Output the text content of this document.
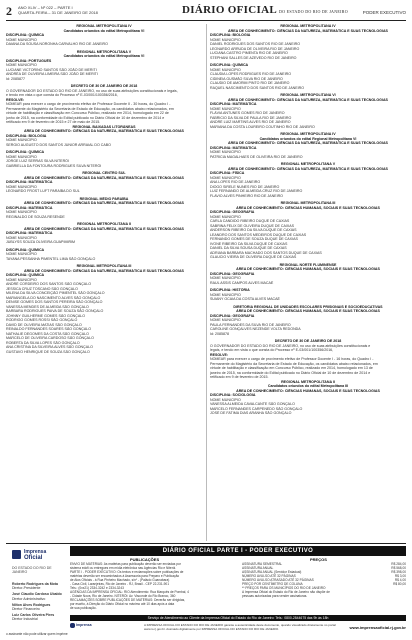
2 ANO XLIV – Nº 022 – PARTE I
QUARTA-FEIRA – 31 DE JANEIRO DE 2018	DIÁRIO OFICIAL DO ESTADO DO RIO DE JANEIRO	PODER EXECUTIVO
REGIONAL METROPOLITANA IV
Candidatos oriundos do edital Metropolitana VI
DISCIPLINA: QUÍMICA
NOME MUNICÍPIO
DAIANA DA SOUSA NORONHA CARVALHO RIO DE JANEIRO
REGIONAL METROPOLITANA V
Candidatos oriundos do edital Metropolitana VI
DISCIPLINA: PORTUGUÊS
NOME MUNICÍPIO
LUCIANE VICTORINO SANTOS SÃO JOÃO DE MERITI
ANDRÉA DE OLIVEIRA LIMEIRA SÃO JOÃO DE MERITI
Id: 2085877
DECRETO DE 30 DE JANEIRO DE 2018
O GOVERNADOR DO ESTADO DO RIO DE JANEIRO, no uso de suas atribuições constitucionais e legais,
e tendo em vista o que consta do Processo nº E-03/001/100356/2016,
RESOLVE:
NOMEAR para exercer o cargo de provimento efetivo de Professor Docente II - 30 horas, do Quadro I -
Permanente do Magistério da Secretaria de Estado de Educação, os candidatos abaixo relacionados, em
virtude de habilitação e classificação em Concurso Público, realizado em 2014, homologado em 22 de
junho de 2015, na conformidade do Edital publicado no Diário Oficial de 10 de dezembro de 2014 e
retificado em 9 de fevereiro de 2015 e 27 de maio de 2015.
REGIONAL BAIXADAS LITORÂNEAS
ÁREA DE CONHECIMENTO: CIÊNCIAS DA NATUREZA, MATEMÁTICA E SUAS TECNOLOGIAS
DISCIPLINA: BIOLOGIA
NOME MUNICÍPIO
SERGIO AUGUSTO DOS SANTOS JUNIOR ARRAIAL DO CABO
DISCIPLINA: QUÍMICA
NOME MUNICÍPIO
JORGE LUIZ SERRAS SILVA NITERÓI
GABRIELLA DA FONTOURA RODRIGUES SILVA NITERÓI
REGIONAL CENTRO SUL
ÁREA DE CONHECIMENTO: CIÊNCIAS DA NATUREZA, MATEMÁTICA E SUAS TECNOLOGIAS
DISCIPLINA: MATEMÁTICA
NOME MUNICÍPIO
LEONARDO FROST LUFT PARAÍBA DO SUL
REGIONAL MÉDIO PARAÍBA
ÁREA DE CONHECIMENTO: CIÊNCIAS DA NATUREZA, MATEMÁTICA E SUAS TECNOLOGIAS
DISCIPLINA: MATEMÁTICA
NOME MUNICÍPIO
REGINALDO DE SOUZA RESENDE
REGIONAL METROPOLITANA II
ÁREA DE CONHECIMENTO: CIÊNCIAS DA NATUREZA, MATEMÁTICA E SUAS TECNOLOGIAS
DISCIPLINA: MATEMÁTICA
NOME MUNICÍPIO
JUBLYSS SOUZA OLIVEIRA GUAPIMIRIM
DISCIPLINA: QUÍMICA
NOME MUNICÍPIO
TAYANA PESSANHA PIMENTEL LIMA SÃO GONÇALO
REGIONAL METROPOLITANA III
ÁREA DE CONHECIMENTO: CIÊNCIAS DA NATUREZA, MATEMÁTICA E SUAS TECNOLOGIAS
DISCIPLINA: QUÍMICA
NOME MUNICÍPIO
ANDRÉ CORDEIRO DOS SANTOS SÃO GONÇALO
JESSICA CRUZ TOSCANO SÃO GONÇALO
MILENA DA SILVA CONCEIÇÃO PIMENTEL SÃO GONÇALO
MARIANGELA DO NASCIMENTO ALVES SÃO GONÇALO
DENISE GOMES DOS SANTOS PEREIRA SÃO GONÇALO
VANESSA MENDES DE ALMEIDA SÃO GONÇALO
BARBARA RODRIGUES PAIVA DE SOUZA SÃO GONÇALO
JOHNNY GUILHERME GOMES SÃO GONÇALO
RODRIGO GOMES ROSSI SÃO GONÇALO
DAVID DE OLIVEIRA MATIAS SÃO GONÇALO
REINALDO FERNANDES SOARES SÃO GONÇALO
NATHALIE DEGOMES DA COSTA SÃO GONÇALO
MARCELO DE OLIVEIRA CARDOSO SÃO GONÇALO
ROBERTA DA SILVA LOPES SÃO GONÇALO
ANA CRISTINA DA SILVEIRA ALVES SÃO GONÇALO
GUSTAVO HENRIQUE DE SOUZA SÃO GONÇALO
REGIONAL METROPOLITANA IV
ÁREA DE CONHECIMENTO: CIÊNCIAS DA NATUREZA, MATEMÁTICA E SUAS TECNOLOGIAS
DISCIPLINA: BIOLOGIA
NOME MUNICÍPIO
DANIEL RODRIGUES DOS SANTOS RIO DE JANEIRO
LEONARDO ARRUDA DE OLIVEIRA RIO DE JANEIRO
LUCIANA CASTRO PIMENTA RIO DE JANEIRO
STEPHANI SALLES DE AZEVEDO RIO DE JANEIRO
DISCIPLINA: QUÍMICA
NOME MUNICÍPIO
CLAUDIA LOPES RODRIGUES RIO DE JANEIRO
CIDINEIA GUSMÃO SILVA RIO DE JANEIRO
CLAUDIO DE AMORIM PINTO RIO DE JANEIRO
RAQUEL NASCIMENTO DOS SANTOS RIO DE JANEIRO
REGIONAL METROPOLITANA VI
ÁREA DE CONHECIMENTO: CIÊNCIAS DA NATUREZA, MATEMÁTICA E SUAS TECNOLOGIAS
DISCIPLINA: MATEMÁTICA
NOME MUNICÍPIO
FLÁVIA ANTUNES GOMES RIO DE JANEIRO
FABRICIO DA SILVA DE PAULA RIO DE JANEIRO
ANDRÉ LUIZ MARTINS ALVES RIO DE JANEIRO
MARIANA DA COSTA LOUREIRO COUTINHO RIO DE JANEIRO
REGIONAL METROPOLITANA IV
Candidatos oriundos do edital Regional Metropolitana VI
ÁREA DE CONHECIMENTO: CIÊNCIAS DA NATUREZA, MATEMÁTICA E SUAS TECNOLOGIAS
DISCIPLINA: MATEMÁTICA
NOME MUNICÍPIO
PATRICIA MAGALHAES DE OLIVEIRA RIO DE JANEIRO
REGIONAL METROPOLITANA V
ÁREA DE CONHECIMENTO: CIÊNCIAS DA NATUREZA, MATEMÁTICA E SUAS TECNOLOGIAS
DISCIPLINA: FÍSICA
NOME MUNICÍPIO
ANA LOPES RIO DE JANEIRO
DIOGO SIRELE NUNES RIO DE JANEIRO
LUIZ FERNANDO DE ALMEIDA CRUZ RIO DE JANEIRO
FLAVIO ALVES PINHEIRO RIO DE JANEIRO
REGIONAL METROPOLITANA III
ÁREA DE CONHECIMENTO: CIÊNCIAS HUMANAS, SOCIAIS E SUAS TECNOLOGIAS
DISCIPLINA: GEOGRAFIA
NOME MUNICÍPIO
CARLA CANDIDO RIBEIRO DUQUE DE CAXIAS
SABRINA FELIX DE OLIVEIRA DUQUE DE CAXIAS
ANDERSON RIBEIRO DA SILVA DUQUE DE CAXIAS
LEANDRO DOS SANTOS MEDEIROS DUQUE DE CAXIAS
FERNANDO GOMES DE SOUZA DUQUE DE CAXIAS
IVONE RIBEIRO DA SILVA DUQUE DE CAXIAS
DANIEL DA SILVA SOUSA DUQUE DE CAXIAS
ADRIANA BARBARA MACHADO DOS SANTOS DUQUE DE CAXIAS
GLAUCIO VIEIRA DE OLIVEIRA DUQUE DE CAXIAS
REGIONAL NORTE FLUMINENSE
ÁREA DE CONHECIMENTO: CIÊNCIAS HUMANAS, SOCIAIS E SUAS TECNOLOGIAS
DISCIPLINA: GEOGRAFIA
NOME MUNICÍPIO
RAUL ASSIS CAMPOS ALVES MACAÉ
DISCIPLINA: HISTÓRIA
NOME MUNICÍPIO
SUIANY OCAIA DA COSTA ALVES MACAÉ
DIRETORIA REGIONAL DE UNIDADES ESCOLARES PRISIONAIS E SOCIOEDUCATIVAS
ÁREA DE CONHECIMENTO: CIÊNCIAS HUMANAS, SOCIAIS E SUAS TECNOLOGIAS
DISCIPLINA: GEOGRAFIA
NOME MUNICÍPIO
PAULA FERNANDES DA SILVA RIO DE JANEIRO
CAROLINE GONÇALVES NEZENDE VOLTA REDONDA
Id: 2085878
DECRETO DE 30 DE JANEIRO DE 2018
O GOVERNADOR DO ESTADO DO RIO DE JANEIRO, no uso de suas atribuições constitucionais e
legais, e tendo em vista o que consta do Processo nº E-03/001/100356/2016,
RESOLVE:
NOMEAR para exercer o cargo de provimento efetivo de Professor Docente I - 16 horas, do Quadro I -
Permanente do Magistério da Secretaria de Estado de Educação, os candidatos abaixo relacionados, em
virtude de habilitação e classificação em Concurso Público, realizado em 2014, homologado em 13 de
janeiro de 2015, na conformidade do Edital publicado no Diário Oficial de 10 de dezembro de 2014 e
retificado em 9 de fevereiro de 2015.
REGIONAL METROPOLITANA II
Candidatos oriundos do edital Metropolitana III
ÁREA DE CONHECIMENTO: CIÊNCIAS HUMANAS, SOCIAIS E SUAS TECNOLOGIAS
DISCIPLINA: SOCIOLOGIA
NOME MUNICÍPIO
VANESSA ALMEIDA CAVALCANTE SÃO GONÇALO
MARCELO FERNANDES CARPENEDO SÃO GONÇALO
JOSÉ DE FATIMA DIAS ARANHA SÃO GONÇALO
Imprensa
Oficial
DO ESTADO DO RIO DE JANEIRO
Roberto Rodrigues da Mota
Diretor-Presidente
José Claudio Cardoso Ubaldo
Diretor Administrativo
Nilton Alves Rodrigues
Diretor Financeiro
Luiz Carlos Oliveira Pires
Diretor Industrial
DIÁRIO OFICIAL PARTE I - PODER EXECUTIVO
PUBLICAÇÕES	PREÇOS
ENVIO DE MATÉRIAS: As matérias para publicação deverão ser enviadas por
sistema edofi ou entregues em mídia eletrônica nas Agências Rio e Niterói.
PARTE I - PODER EXECUTIVO: Os textos e reclamações sobre publicações de
matérias deverão ser encaminhados à Assessoria para Preparo e Publicação
de Atos Oficiais - à Rua Pinheiro Machado, s/nº - (Palácio Guanabara)
- Casa Civil, Laranjeiras, Rio de Janeiro - RJ, Brasil - CEP 22.231-901
Tels.: (0xx21) 2334-3242 e 2334-3243
AGÊNCIAS DA IMPRENSA OFICIAL: RIO Atendimento: Rua Marquês de Pombal, 4
- Cidade Nova, Rio de Janeiro. NITERÓI: Av. Visconde do Rio Branco, 360
RECLAMAÇÕES SOBRE PUBLICAÇÕES DE MATÉRIAS: Deverão ser dirigidas,
por escrito, à Direção do Diário Oficial no máximo até 10 dias após a data
de sua publicação.
ASSINATURA SEMESTRAL	R$ 284,00
ASSINATURA ANUAL	R$ 568,00
ASSINATURA ANUAL (Servidor Estadual)	R$ 398,00
NÚMERO AVULSO ATÉ 32 PÁGINAS	R$ 3,00
NÚMERO AVULSO ATRASADO ATÉ 32 PÁGINAS	R$ 4,00
PREÇO POR CENTÍMETRO DE COLUNA	R$ 80,00
** PREÇOS PARA OS MUNICÍPIOS DO RIO DE JANEIRO
A Imprensa Oficial do Estado do Rio de Janeiro não dispõe de
pessoas autorizadas para vender assinaturas.
Serviço de Atendimento ao Cliente da Imprensa Oficial do Estado do Rio de Janeiro: Tels.: 0800-2844675 das 9h às 18h
Imprensa	A IMPRENSA OFICIAL DO ESTADO DO RIO DE JANEIRO garante a autenticidade deste documento, quando visualizado diretamente no portal www.io.rj.gov.br. Assinado digitalmente por IMPRENSA OFICIAL DO ESTADO DO RIO DE JANEIRO.	www.imprensaoficial.rj.gov.br
o assinante não pode utilizar quem imprime
